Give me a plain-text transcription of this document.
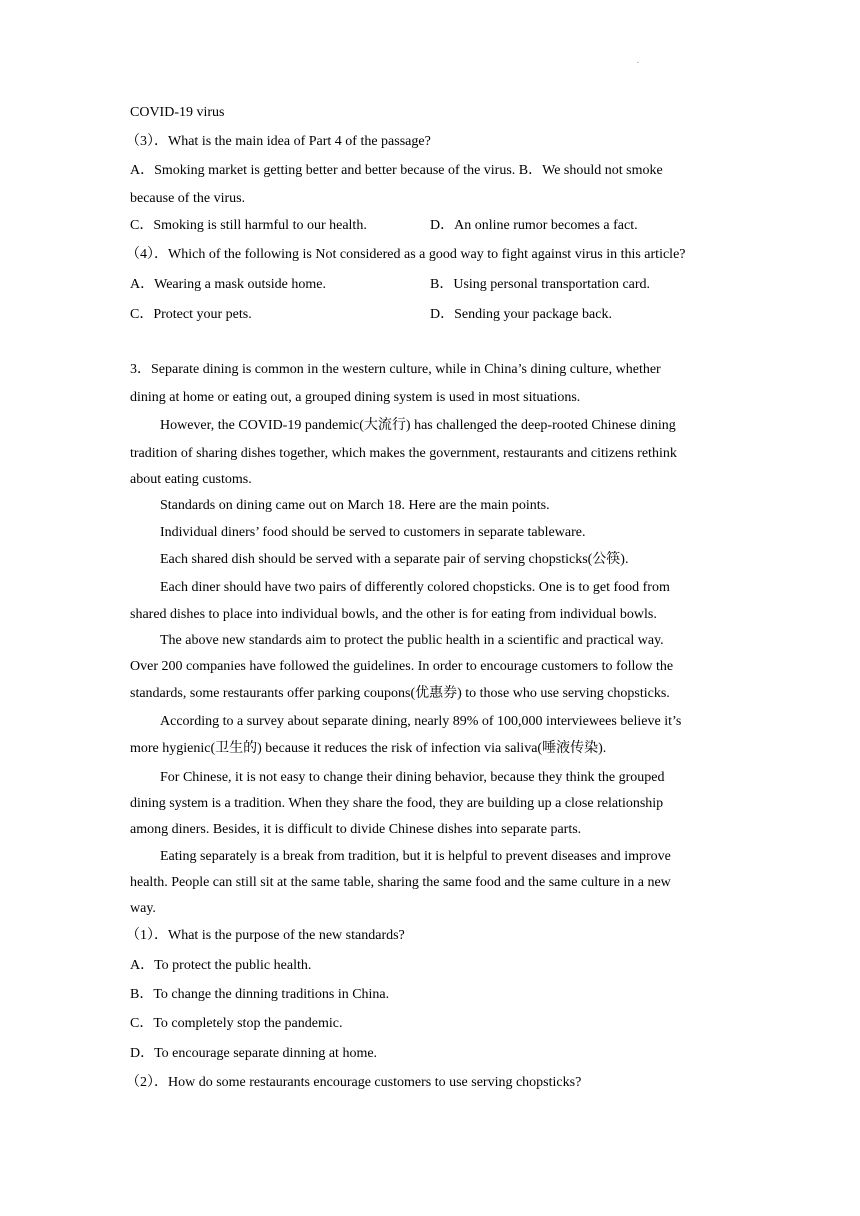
.
COVID-19 virus
（3）．What is the main idea of Part 4 of the passage?
A．Smoking market is getting better and better because of the virus. B．We should not smoke
because of the virus.
C．Smoking is still harmful to our health.	D．An online rumor becomes a fact.
（4）．Which of the following is Not considered as a good way to fight against virus in this article?
A．Wearing a mask outside home.	B．Using personal transportation card.
C．Protect your pets.	D．Sending your package back.
3．Separate dining is common in the western culture, while in China’s dining culture, whether
dining at home or eating out, a grouped dining system is used in most situations.
However, the COVID-19 pandemic(大流行) has challenged the deep-rooted Chinese dining
tradition of sharing dishes together, which makes the government, restaurants and citizens rethink
about eating customs.
Standards on dining came out on March 18. Here are the main points.
Individual diners’ food should be served to customers in separate tableware.
Each shared dish should be served with a separate pair of serving chopsticks(公筷).
Each diner should have two pairs of differently colored chopsticks. One is to get food from
shared dishes to place into individual bowls, and the other is for eating from individual bowls.
The above new standards aim to protect the public health in a scientific and practical way.
Over 200 companies have followed the guidelines. In order to encourage customers to follow the
standards, some restaurants offer parking coupons(优惠券) to those who use serving chopsticks.
According to a survey about separate dining, nearly 89% of 100,000 interviewees believe it’s
more hygienic(卫生的) because it reduces the risk of infection via saliva(唾液传染).
For Chinese, it is not easy to change their dining behavior, because they think the grouped
dining system is a tradition. When they share the food, they are building up a close relationship
among diners. Besides, it is difficult to divide Chinese dishes into separate parts.
Eating separately is a break from tradition, but it is helpful to prevent diseases and improve
health. People can still sit at the same table, sharing the same food and the same culture in a new
way.
（1）．What is the purpose of the new standards?
A．To protect the public health.
B．To change the dinning traditions in China.
C．To completely stop the pandemic.
D．To encourage separate dinning at home.
（2）．How do some restaurants encourage customers to use serving chopsticks?
